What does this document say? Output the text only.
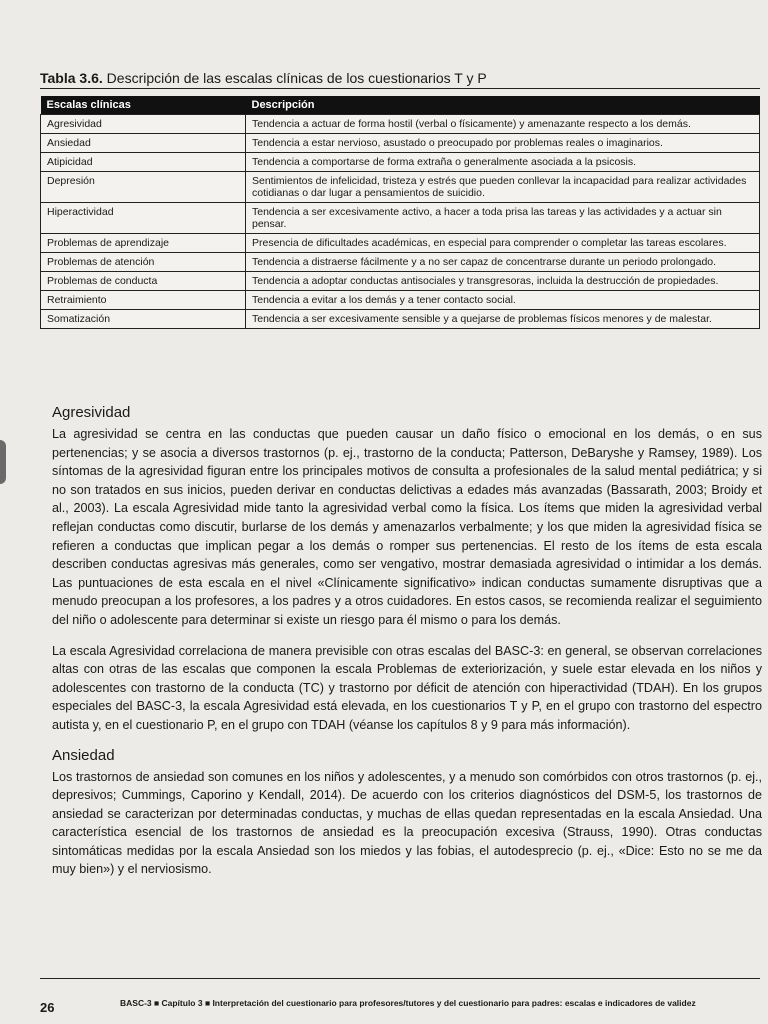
Tabla 3.6. Descripción de las escalas clínicas de los cuestionarios T y P
Escalas clínicas	Descripción
Agresividad	Tendencia a actuar de forma hostil (verbal o físicamente) y amenazante respecto a los demás.
Ansiedad	Tendencia a estar nervioso, asustado o preocupado por problemas reales o imaginarios.
Atipicidad	Tendencia a comportarse de forma extraña o generalmente asociada a la psicosis.
Depresión	Sentimientos de infelicidad, tristeza y estrés que pueden conllevar la incapacidad para realizar actividades cotidianas o dar lugar a pensamientos de suicidio.
Hiperactividad	Tendencia a ser excesivamente activo, a hacer a toda prisa las tareas y las actividades y a actuar sin pensar.
Problemas de aprendizaje	Presencia de dificultades académicas, en especial para comprender o completar las tareas escolares.
Problemas de atención	Tendencia a distraerse fácilmente y a no ser capaz de concentrarse durante un periodo prolongado.
Problemas de conducta	Tendencia a adoptar conductas antisociales y transgresoras, incluida la destrucción de propiedades.
Retraimiento	Tendencia a evitar a los demás y a tener contacto social.
Somatización	Tendencia a ser excesivamente sensible y a quejarse de problemas físicos menores y de malestar.
Agresividad

La agresividad se centra en las conductas que pueden causar un daño físico o emocional en los demás, o en sus pertenencias; y se asocia a diversos trastornos (p. ej., trastorno de la conducta; Patterson, DeBaryshe y Ramsey, 1989). Los síntomas de la agresividad figuran entre los principales motivos de consulta a profesionales de la salud mental pediátrica; y si no son tratados en sus inicios, pueden derivar en conductas delictivas a edades más avanzadas (Bassarath, 2003; Broidy et al., 2003). La escala Agresividad mide tanto la agresividad verbal como la física. Los ítems que miden la agresividad verbal reflejan conductas como discutir, burlarse de los demás y amenazarlos verbalmente; y los que miden la agresividad física se refieren a conductas que implican pegar a los demás o romper sus pertenencias. El resto de los ítems de esta escala describen conductas agresivas más generales, como ser vengativo, mostrar demasiada agresividad o intimidar a los demás. Las puntuaciones de esta escala en el nivel «Clínicamente significativo» indican conductas sumamente disruptivas que a menudo preocupan a los profesores, a los padres y a otros cuidadores. En estos casos, se recomienda realizar el seguimiento del niño o adolescente para determinar si existe un riesgo para él mismo o para los demás.

La escala Agresividad correlaciona de manera previsible con otras escalas del BASC-3: en general, se observan correlaciones altas con otras de las escalas que componen la escala Problemas de exteriorización, y suele estar elevada en los niños y adolescentes con trastorno de la conducta (TC) y trastorno por déficit de atención con hiperactividad (TDAH). En los grupos especiales del BASC-3, la escala Agresividad está elevada, en los cuestionarios T y P, en el grupo con trastorno del espectro autista y, en el cuestionario P, en el grupo con TDAH (véanse los capítulos 8 y 9 para más información).

Ansiedad

Los trastornos de ansiedad son comunes en los niños y adolescentes, y a menudo son comórbidos con otros trastornos (p. ej., depresivos; Cummings, Caporino y Kendall, 2014). De acuerdo con los criterios diagnósticos del DSM-5, los trastornos de ansiedad se caracterizan por determinadas conductas, y muchas de ellas quedan representadas en la escala Ansiedad. Una característica esencial de los trastornos de ansiedad es la preocupación excesiva (Strauss, 1990). Otras conductas sintomáticas medidas por la escala Ansiedad son los miedos y las fobias, el autodesprecio (p. ej., «Dice: Esto no se me da muy bien») y el nerviosismo.

26	BASC-3 ■ Capítulo 3 ■ Interpretación del cuestionario para profesores/tutores y del cuestionario para padres: escalas e indicadores de validez
